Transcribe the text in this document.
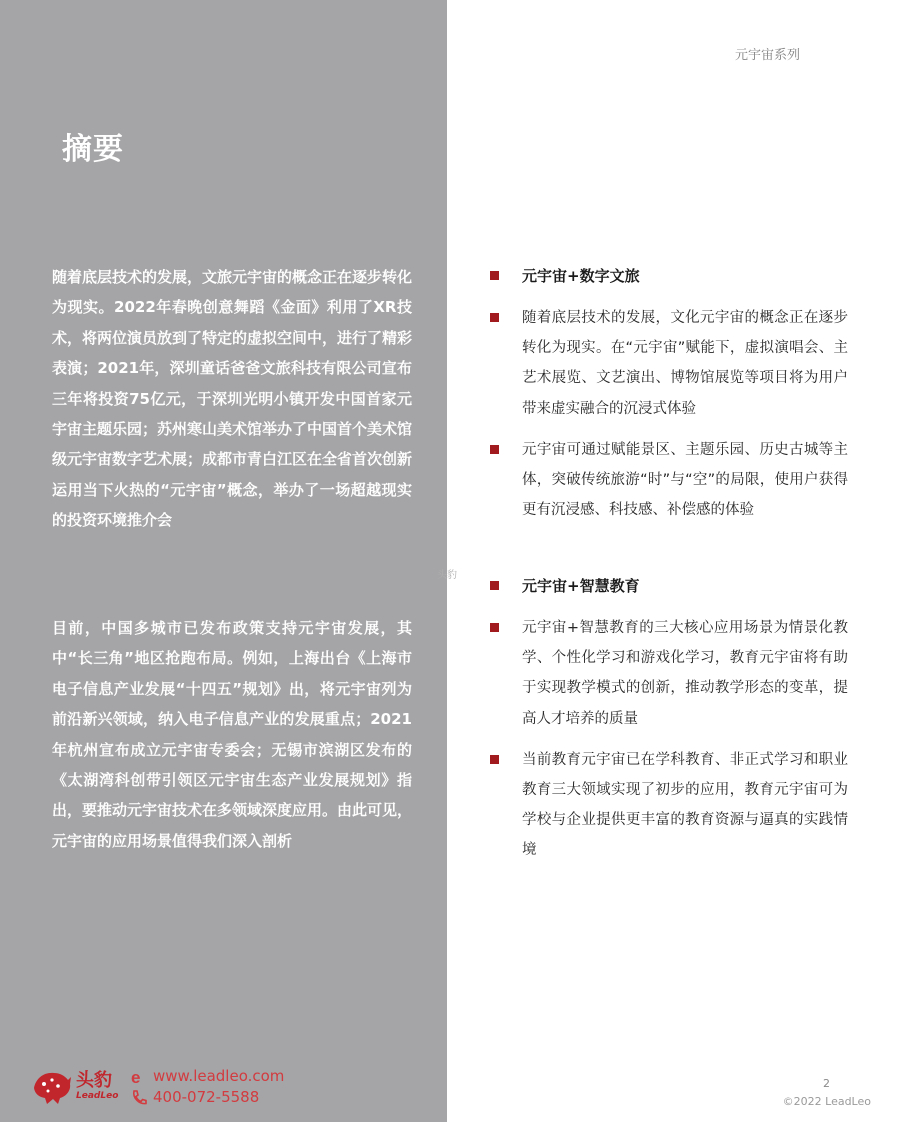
摘要
随着底层技术的发展，文旅元宇宙的概念正在逐步转化为现实。2022年春晚创意舞蹈《金面》利用了XR技术，将两位演员放到了特定的虚拟空间中，进行了精彩表演；2021年，深圳童话爸爸文旅科技有限公司宣布三年将投资75亿元，于深圳光明小镇开发中国首家元宇宙主题乐园；苏州寒山美术馆举办了中国首个美术馆级元宇宙数字艺术展；成都市青白江区在全省首次创新运用当下火热的“元宇宙”概念，举办了一场超越现实的投资环境推介会
目前，中国多城市已发布政策支持元宇宙发展，其中“长三角”地区抢跑布局。例如，上海出台《上海市电子信息产业发展“十四五”规划》出，将元宇宙列为前沿新兴领域，纳入电子信息产业的发展重点；2021年杭州宣布成立元宇宙专委会；无锡市滨湖区发布的《太湖湾科创带引领区元宇宙生态产业发展规划》指出，要推动元宇宙技术在多领域深度应用。由此可见，元宇宙的应用场景值得我们深入剖析
元宇宙系列
头豹
元宇宙+数字文旅
随着底层技术的发展，文化元宇宙的概念正在逐步转化为现实。在“元宇宙”赋能下，虚拟演唱会、主艺术展览、文艺演出、博物馆展览等项目将为用户带来虚实融合的沉浸式体验
元宇宙可通过赋能景区、主题乐园、历史古城等主体，突破传统旅游“时”与“空”的局限，使用户获得更有沉浸感、科技感、补偿感的体验
元宇宙+智慧教育
元宇宙+智慧教育的三大核心应用场景为情景化教学、个性化学习和游戏化学习，教育元宇宙将有助于实现教学模式的创新，推动教学形态的变革，提高人才培养的质量
当前教育元宇宙已在学科教育、非正式学习和职业教育三大领域实现了初步的应用，教育元宇宙可为学校与企业提供更丰富的教育资源与逼真的实践情境
头豹
LeadLeo
e www.leadleo.com
400-072-5588
2
©2022 LeadLeo
